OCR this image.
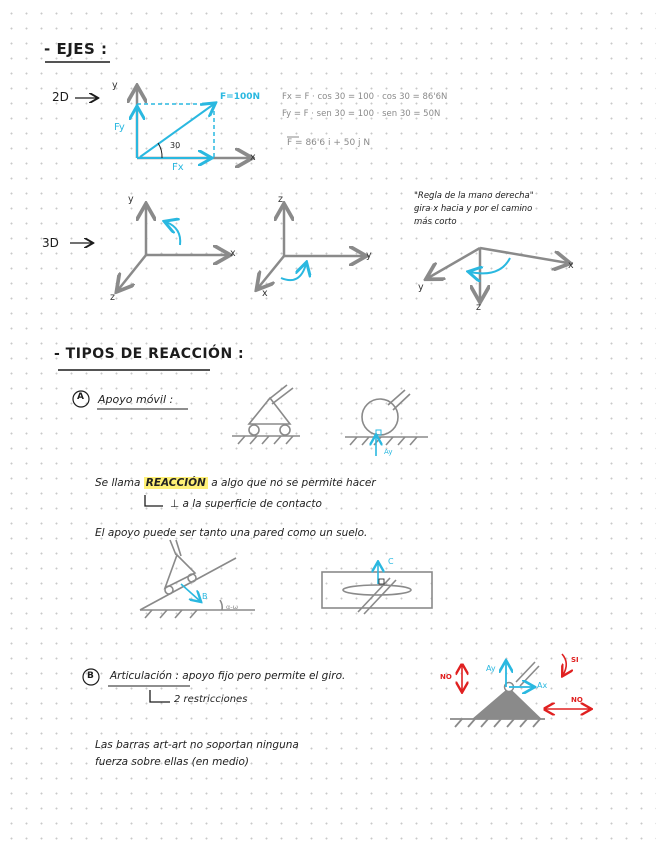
α-ω
- EJES :
2D
y
x
F=100N
Fy
Fx
30
Fx = F · cos 30 = 100 · cos 30 = 86'6N
Fy = F · sen 30 = 100 · sen 30 = 50N
F = 86'6 i + 50 j N
3D
y
x
z
z
y
x
x
y
z
"Regla de la mano derecha"
gira x hacia y por el camino
más corto
- TIPOS DE REACCIÓN :
A Apoyo móvil :
Ay
Se llama REACCIÓN a algo que no se permite hacer
⊥ a la superficie de contacto
El apoyo puede ser tanto una pared como un suelo.
B
C
B Articulación : apoyo fijo pero permite el giro.
2 restricciones
Las barras art-art no soportan ninguna
fuerza sobre ellas (en medio)
NO
NO
SI
Ax
Ay
